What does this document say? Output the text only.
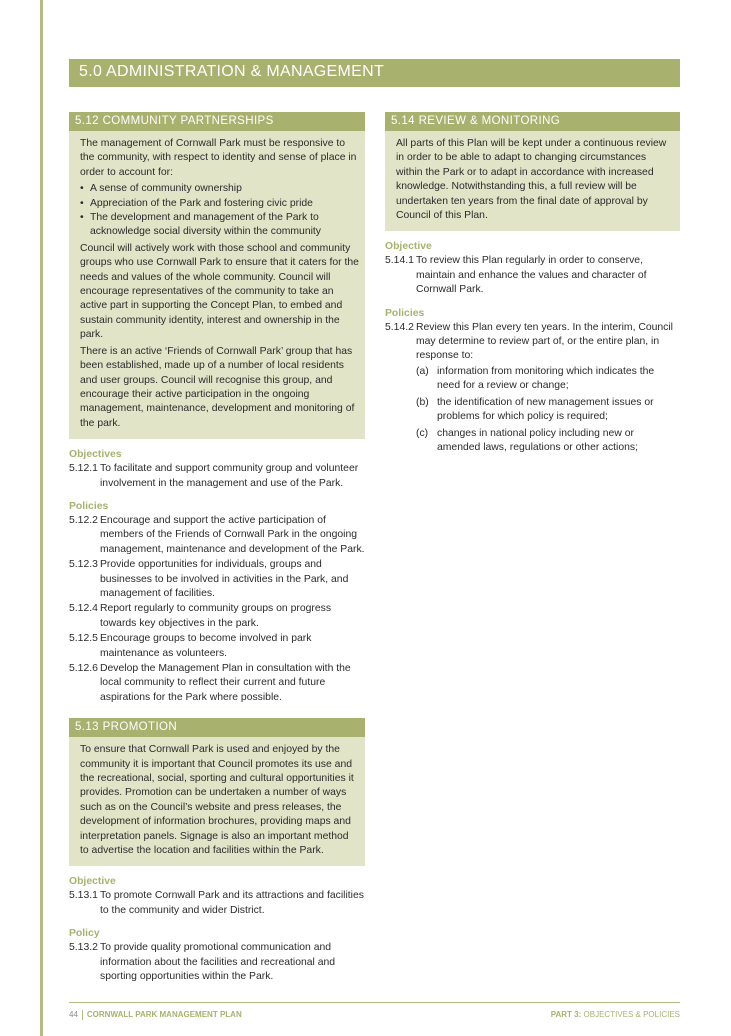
5.0 ADMINISTRATION & MANAGEMENT
5.12 COMMUNITY PARTNERSHIPS

The management of Cornwall Park must be responsive to the community, with respect to identity and sense of place in order to account for:

• A sense of community ownership
• Appreciation of the Park and fostering civic pride
• The development and management of the Park to acknowledge social diversity within the community

Council will actively work with those school and community groups who use Cornwall Park to ensure that it caters for the needs and values of the whole community. Council will encourage representatives of the community to take an active part in supporting the Concept Plan, to embed and sustain community identity, interest and ownership in the park.

There is an active ‘Friends of Cornwall Park’ group that has been established, made up of a number of local residents and user groups. Council will recognise this group, and encourage their active participation in the ongoing management, maintenance, development and monitoring of the park.

Objectives
5.12.1 To facilitate and support community group and volunteer involvement in the management and use of the Park.
Policies
5.12.2 Encourage and support the active participation of members of the Friends of Cornwall Park in the ongoing management, maintenance and development of the Park.
5.12.3 Provide opportunities for individuals, groups and businesses to be involved in activities in the Park, and management of facilities.
5.12.4 Report regularly to community groups on progress towards key objectives in the park.
5.12.5 Encourage groups to become involved in park maintenance as volunteers.
5.12.6 Develop the Management Plan in consultation with the local community to reflect their current and future aspirations for the Park where possible.
5.13 PROMOTION

To ensure that Cornwall Park is used and enjoyed by the community it is important that Council promotes its use and the recreational, social, sporting and cultural opportunities it provides. Promotion can be undertaken a number of ways such as on the Council’s website and press releases, the development of information brochures, providing maps and interpretation panels. Signage is also an important method to advertise the location and facilities within the Park.

Objective
5.13.1 To promote Cornwall Park and its attractions and facilities to the community and wider District.
Policy
5.13.2 To provide quality promotional communication and information about the facilities and recreational and sporting opportunities within the Park.
5.14 REVIEW & MONITORING

All parts of this Plan will be kept under a continuous review in order to be able to adapt to changing circumstances within the Park or to adapt in accordance with increased knowledge. Notwithstanding this, a full review will be undertaken ten years from the final date of approval by Council of this Plan.

Objective
5.14.1 To review this Plan regularly in order to conserve, maintain and enhance the values and character of Cornwall Park.
Policies
5.14.2 Review this Plan every ten years. In the interim, Council may determine to review part of, or the entire plan, in response to:
(a) information from monitoring which indicates the need for a review or change;
(b) the identification of new management issues or problems for which policy is required;
(c) changes in national policy including new or amended laws, regulations or other actions;
44 CORNWALL PARK MANAGEMENT PLAN	PART 3: OBJECTIVES & POLICIES
